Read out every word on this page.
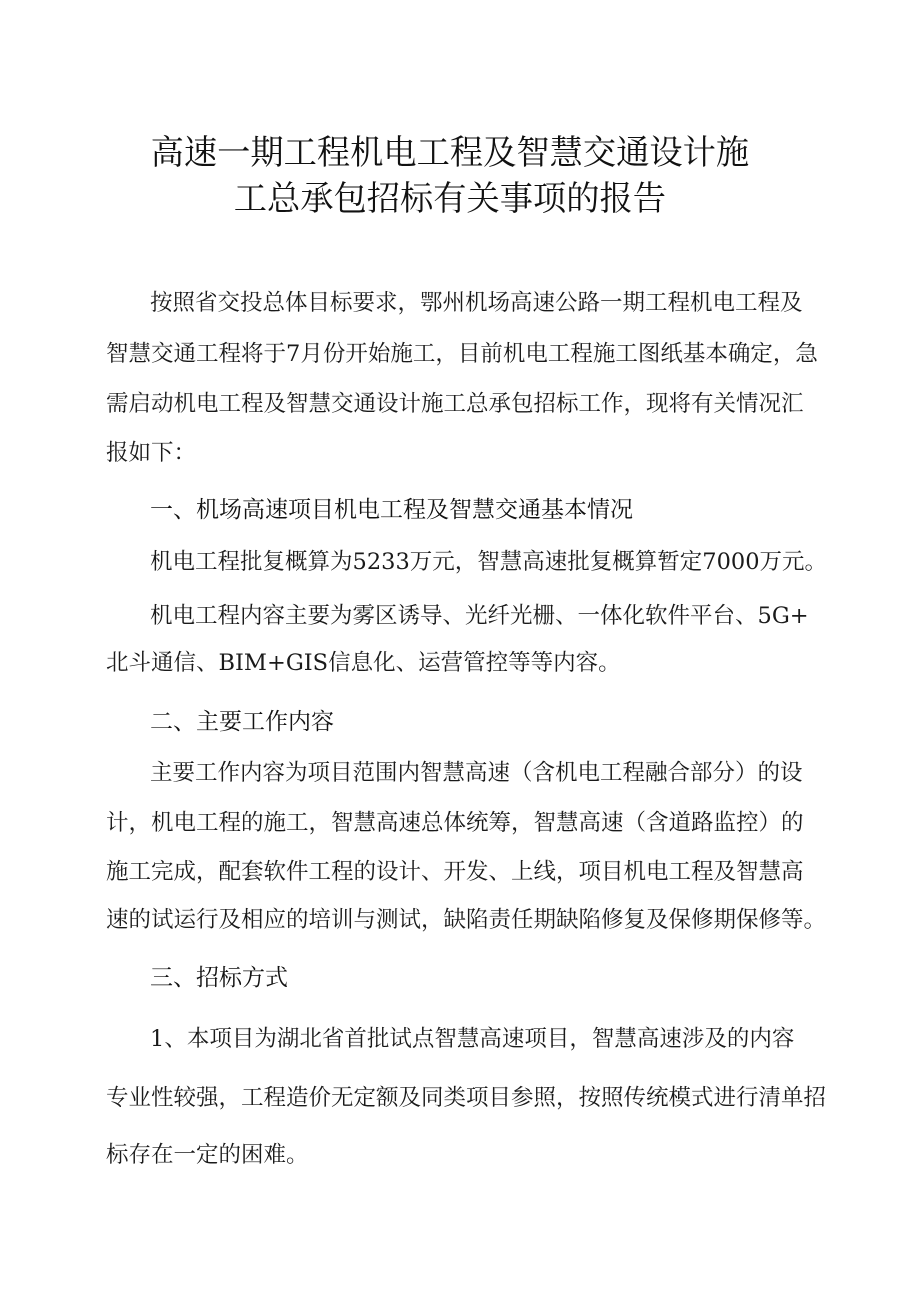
高速一期工程机电工程及智慧交通设计施
工总承包招标有关事项的报告
按照省交投总体目标要求，鄂州机场高速公路一期工程机电工程及
智慧交通工程将于7月份开始施工，目前机电工程施工图纸基本确定，急
需启动机电工程及智慧交通设计施工总承包招标工作，现将有关情况汇
报如下：
一、机场高速项目机电工程及智慧交通基本情况
机电工程批复概算为5233万元，智慧高速批复概算暂定7000万元。
机电工程内容主要为雾区诱导、光纤光栅、一体化软件平台、5G+
北斗通信、BIM+GIS信息化、运营管控等等内容。
二、主要工作内容
主要工作内容为项目范围内智慧高速（含机电工程融合部分）的设
计，机电工程的施工，智慧高速总体统筹，智慧高速（含道路监控）的
施工完成，配套软件工程的设计、开发、上线，项目机电工程及智慧高
速的试运行及相应的培训与测试，缺陷责任期缺陷修复及保修期保修等。
三、招标方式
1、本项目为湖北省首批试点智慧高速项目，智慧高速涉及的内容
专业性较强，工程造价无定额及同类项目参照，按照传统模式进行清单招
标存在一定的困难。
